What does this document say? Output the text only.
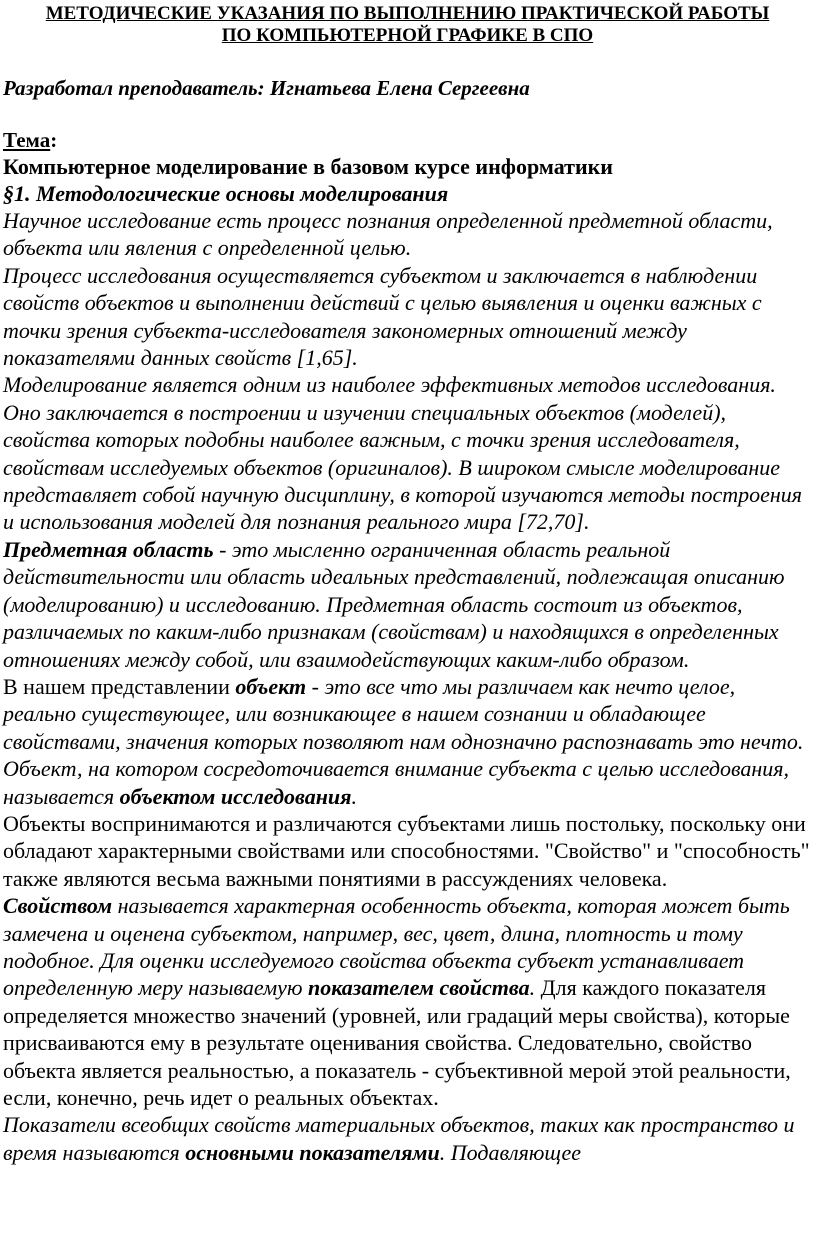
МЕТОДИЧЕСКИЕ УКАЗАНИЯ ПО ВЫПОЛНЕНИЮ ПРАКТИЧЕСКОЙ РАБОТЫ
ПО КОМПЬЮТЕРНОЙ ГРАФИКЕ В СПО
Разработал преподаватель: Игнатьева Елена Сергеевна
Тема:
Компьютерное моделирование в базовом курсе информатики
§1. Методологические основы моделирования

Научное исследование есть процесс познания определенной предметной области, объекта или явления с определенной целью.

Процесс исследования осуществляется субъектом и заключается в наблюдении свойств объектов и выполнении действий с целью выявления и оценки важных с точки зрения субъекта-исследователя закономерных отношений между показателями данных свойств [1,65].

Моделирование является одним из наиболее эффективных методов исследования. Оно заключается в построении и изучении специальных объектов (моделей), свойства которых подобны наиболее важным, с точки зрения исследователя, свойствам исследуемых объектов (оригиналов). В широком смысле моделирование представляет собой научную дисциплину, в которой изучаются методы построения и использования моделей для познания реального мира [72,70].

Предметная область - это мысленно ограниченная область реальной действительности или область идеальных представлений, подлежащая описанию (моделированию) и исследованию. Предметная область состоит из объектов, различаемых по каким-либо признакам (свойствам) и находящихся в определенных отношениях между собой, или взаимодействующих каким-либо образом.

В нашем представлении объект - это все что мы различаем как нечто целое, реально существующее, или возникающее в нашем сознании и обладающее свойствами, значения которых позволяют нам однозначно распознавать это нечто. Объект, на котором сосредоточивается внимание субъекта с целью исследования, называется объектом исследования.

Объекты воспринимаются и различаются субъектами лишь постольку, поскольку они обладают характерными свойствами или способностями. "Свойство" и "способность" также являются весьма важными понятиями в рассуждениях человека.

Свойством называется характерная особенность объекта, которая может быть замечена и оценена субъектом, например, вес, цвет, длина, плотность и тому подобное. Для оценки исследуемого свойства объекта субъект устанавливает определенную меру называемую показателем свойства. Для каждого показателя определяется множество значений (уровней, или градаций меры свойства), которые присваиваются ему в результате оценивания свойства. Следовательно, свойство объекта является реальностью, а показатель - субъективной мерой этой реальности, если, конечно, речь идет о реальных объектах.

Показатели всеобщих свойств материальных объектов, таких как пространство и время называются основными показателями. Подавляющее
